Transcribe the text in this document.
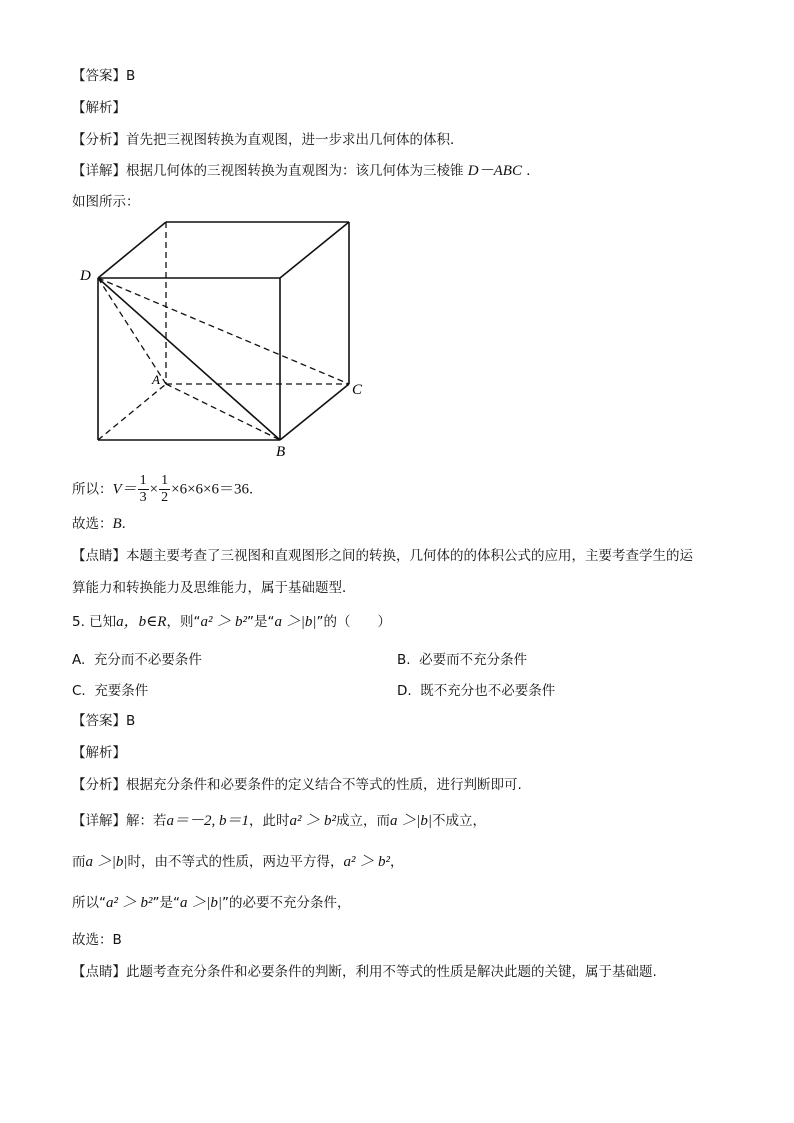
【答案】B
【解析】
【分析】首先把三视图转换为直观图，进一步求出几何体的体积．
【详解】根据几何体的三视图转换为直观图为：该几何体为三棱锥 D－ABC ．
如图所示：
D
A
C
B
所以：$V= \frac{1}{3} \times \frac{1}{2} \times 6\times 6\times 6=36$．
故选：B．
【点睛】本题主要考查了三视图和直观图形之间的转换，几何体的的体积公式的应用，主要考查学生的运
算能力和转换能力及思维能力，属于基础题型．
5. 已知a，b∈R，则“a² ＞ b²”是“a ＞|b|”的（　　）
A. 充分而不必要条件	B. 必要而不充分条件
C. 充要条件	D. 既不充分也不必要条件
【答案】B
【解析】
【分析】根据充分条件和必要条件的定义结合不等式的性质，进行判断即可.
【详解】解：若a＝－2, b＝1，此时a² ＞ b²成立，而a ＞|b|不成立，
而a ＞|b|时，由不等式的性质，两边平方得，a² ＞ b²，
所以“a² ＞ b²”是“a ＞|b|”的必要不充分条件，
故选：B
【点睛】此题考查充分条件和必要条件的判断，利用不等式的性质是解决此题的关键，属于基础题.
